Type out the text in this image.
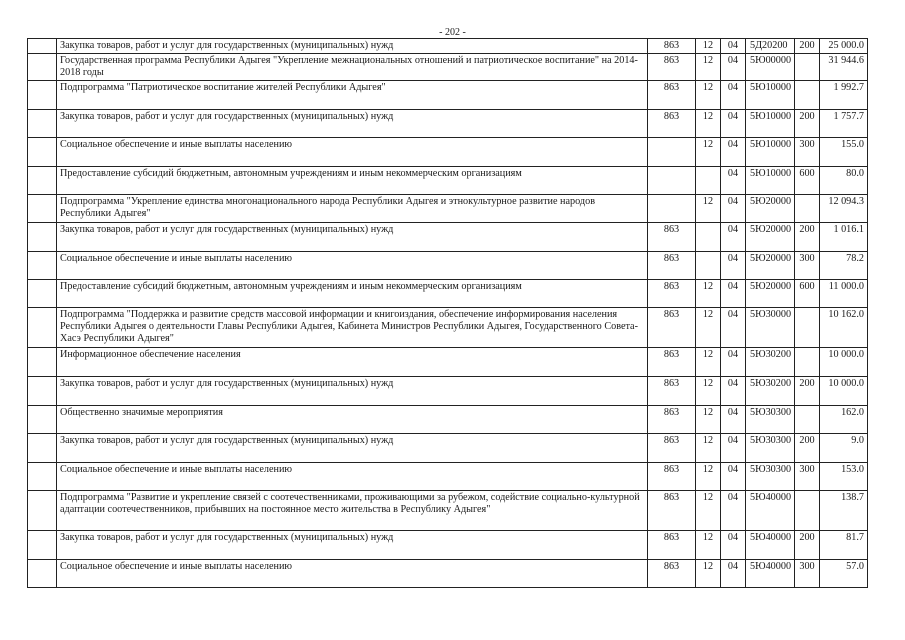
- 202 -
	Закупка товаров, работ и услуг для государственных (муниципальных) нужд	863	12	04	5Д20200	200	25 000.0
	Государственная программа Республики Адыгея "Укрепление межнациональных отношений и патриотическое воспитание" на 2014-2018 годы	863	12	04	5Ю00000		31 944.6
	Подпрограмма "Патриотическое воспитание жителей Республики Адыгея"	863	12	04	5Ю10000		1 992.7
	Закупка товаров, работ и услуг для государственных (муниципальных) нужд	863	12	04	5Ю10000	200	1 757.7
	Социальное обеспечение и иные выплаты населению		12	04	5Ю10000	300	155.0
	Предоставление субсидий бюджетным, автономным учреждениям и иным некоммерческим организациям			04	5Ю10000	600	80.0
	Подпрограмма "Укрепление единства многонационального народа Республики Адыгея и этнокультурное развитие народов Республики Адыгея"		12	04	5Ю20000		12 094.3
	Закупка товаров, работ и услуг для государственных (муниципальных) нужд	863		04	5Ю20000	200	1 016.1
	Социальное обеспечение и иные выплаты населению	863		04	5Ю20000	300	78.2
	Предоставление субсидий бюджетным, автономным учреждениям и иным некоммерческим организациям	863	12	04	5Ю20000	600	11 000.0
	Подпрограмма "Поддержка и развитие средств массовой информации и книгоиздания, обеспечение информирования населения Республики Адыгея о деятельности Главы Республики Адыгея, Кабинета Министров Республики Адыгея, Государственного Совета-Хасэ Республики Адыгея"	863	12	04	5Ю30000		10 162.0
	Информационное обеспечение населения	863	12	04	5Ю30200		10 000.0
	Закупка товаров, работ и услуг для государственных (муниципальных) нужд	863	12	04	5Ю30200	200	10 000.0
	Общественно значимые мероприятия	863	12	04	5Ю30300		162.0
	Закупка товаров, работ и услуг для государственных (муниципальных) нужд	863	12	04	5Ю30300	200	9.0
	Социальное обеспечение и иные выплаты населению	863	12	04	5Ю30300	300	153.0
	Подпрограмма "Развитие и укрепление связей с соотечественниками, проживающими за рубежом, содействие социально-культурной адаптации соотечественников, прибывших на постоянное место жительства в Республику Адыгея"	863	12	04	5Ю40000		138.7
	Закупка товаров, работ и услуг для государственных (муниципальных) нужд	863	12	04	5Ю40000	200	81.7
	Социальное обеспечение и иные выплаты населению	863	12	04	5Ю40000	300	57.0
